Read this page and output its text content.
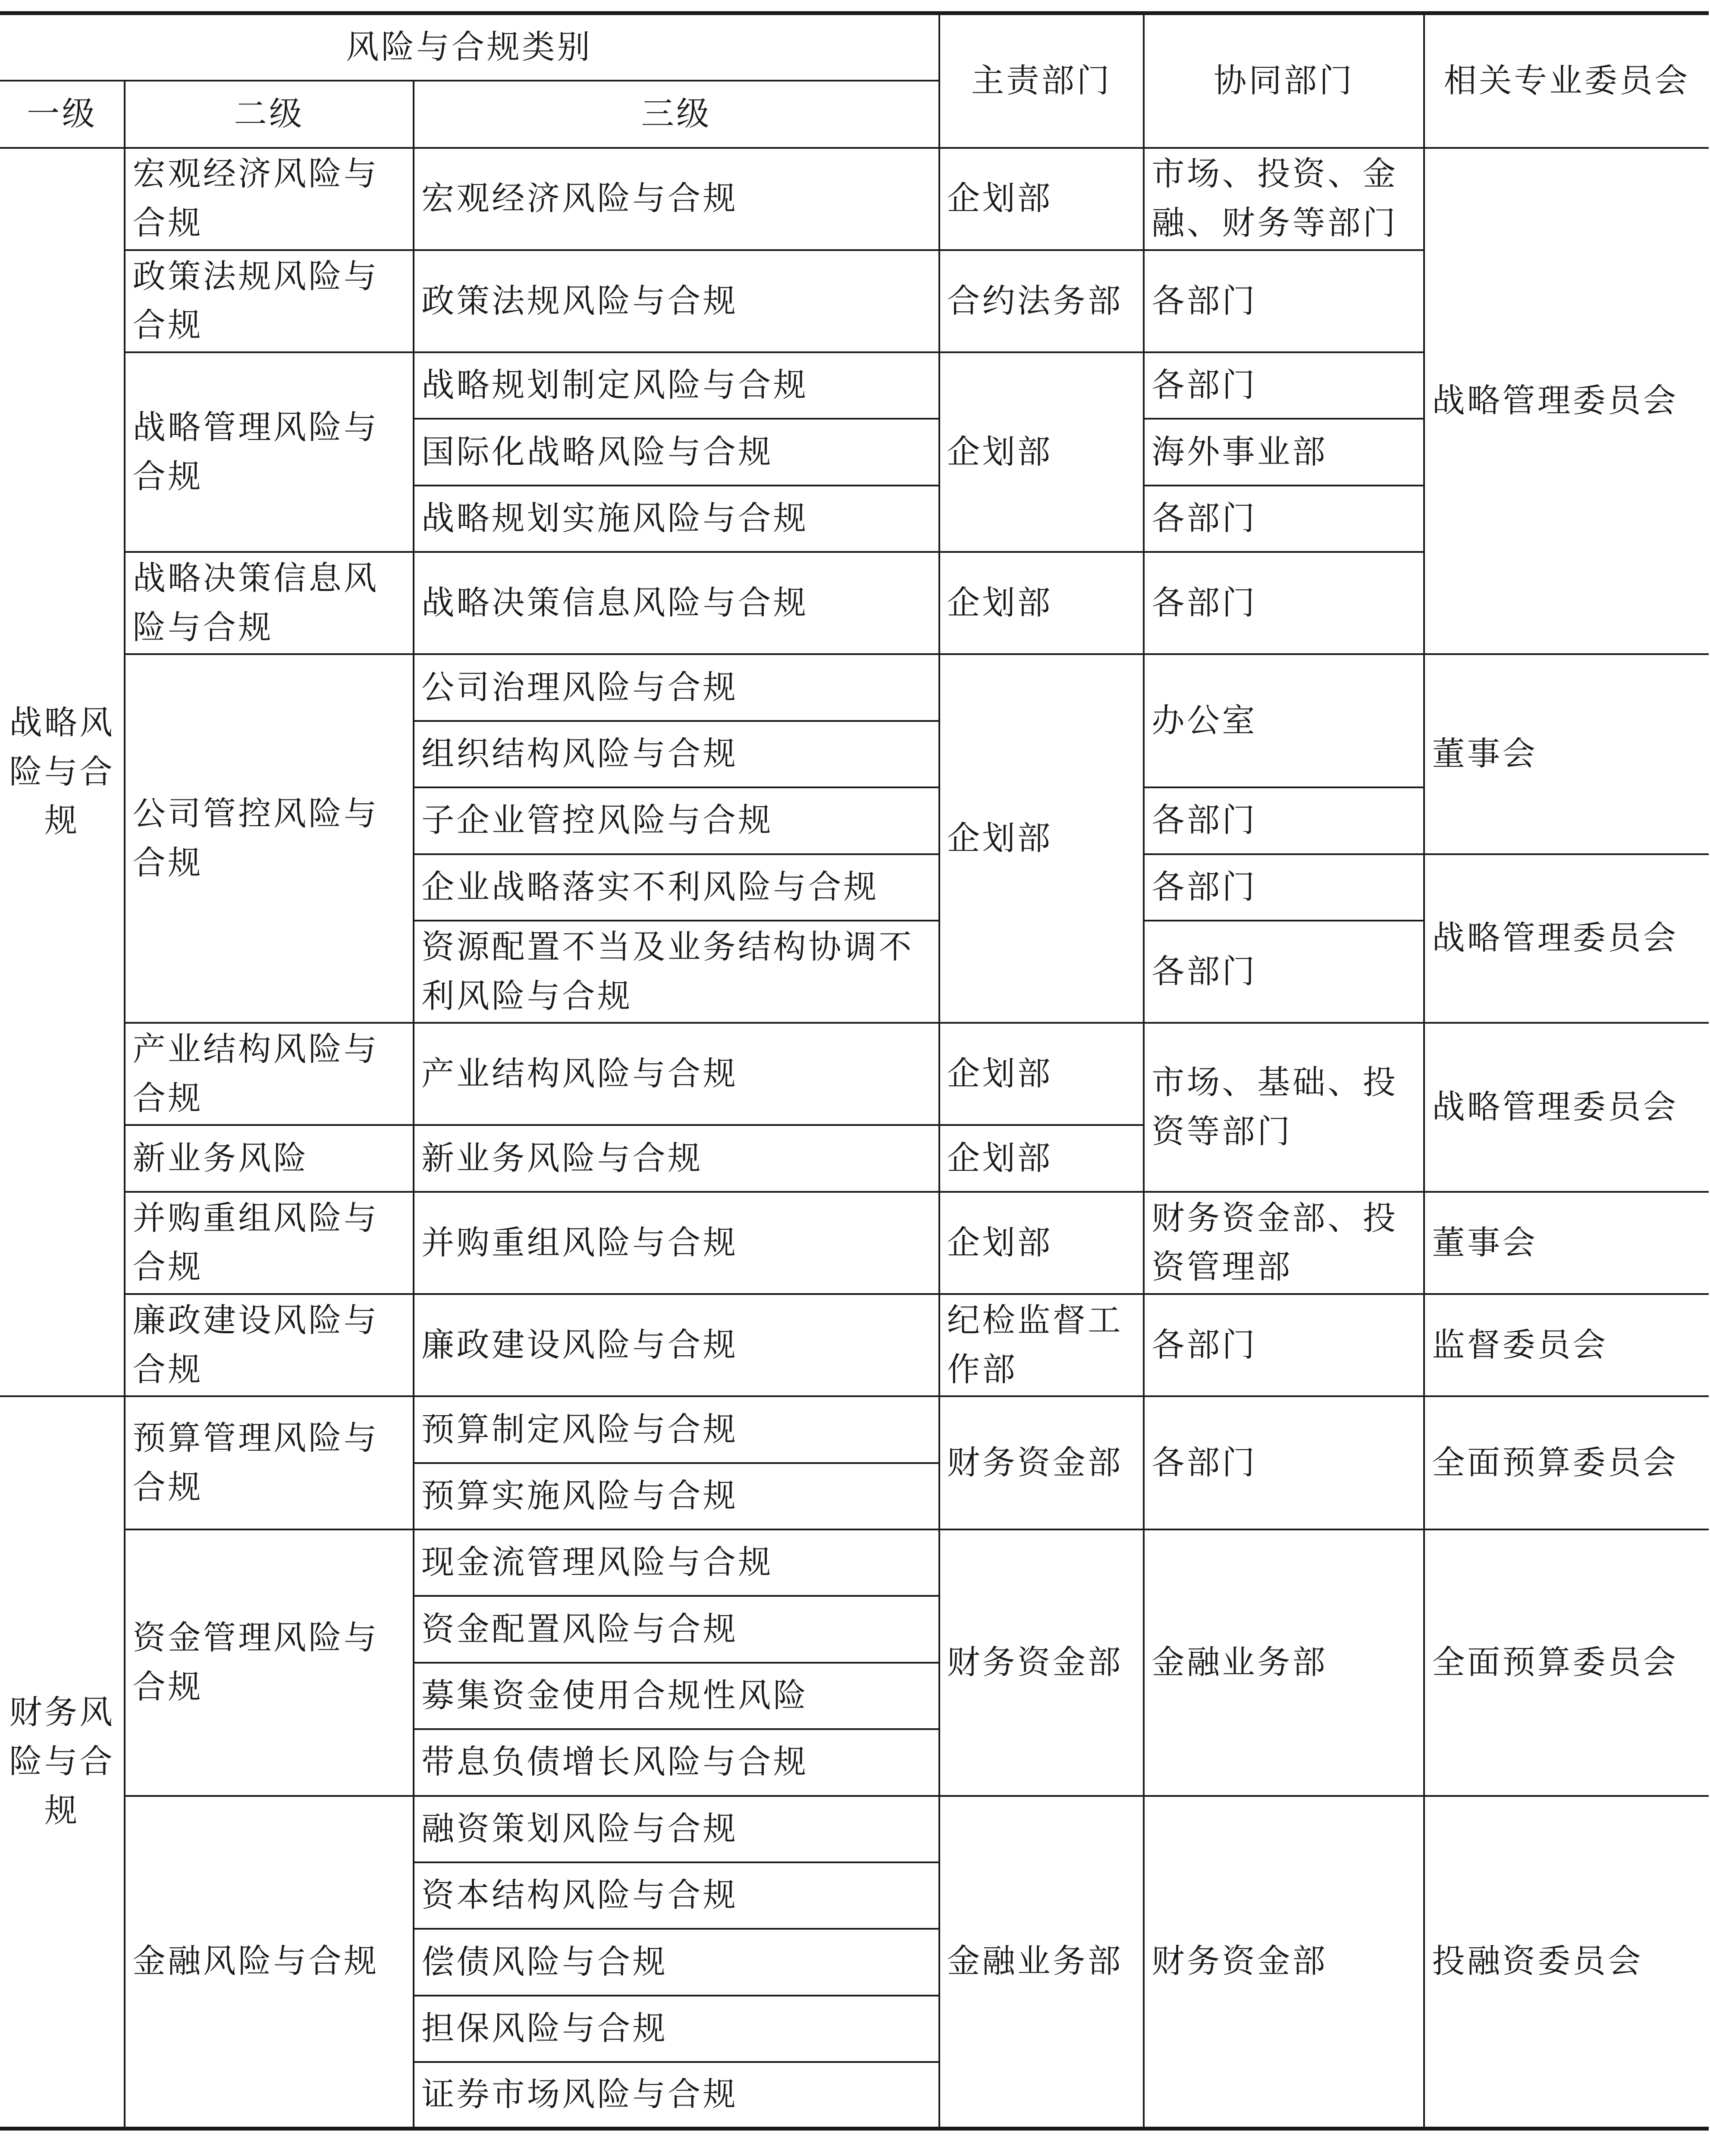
风险与合规类别			主责部门	协同部门	相关专业委员会
一级	二级	三级			
战略风险与合规	宏观经济风险与合规	宏观经济风险与合规	企划部	市场、投资、金融、财务等部门	战略管理委员会
	政策法规风险与合规	政策法规风险与合规	合约法务部	各部门	
	战略管理风险与合规	战略规划制定风险与合规	企划部	各部门	
		国际化战略风险与合规		海外事业部	
		战略规划实施风险与合规		各部门	
	战略决策信息风险与合规	战略决策信息风险与合规	企划部	各部门	
	公司管控风险与合规	公司治理风险与合规	企划部	办公室	董事会
		组织结构风险与合规			
		子企业管控风险与合规		各部门	
		企业战略落实不利风险与合规		各部门	战略管理委员会
		资源配置不当及业务结构协调不利风险与合规		各部门	
	产业结构风险与合规	产业结构风险与合规	企划部	市场、基础、投资等部门	战略管理委员会
	新业务风险	新业务风险与合规	企划部		
	并购重组风险与合规	并购重组风险与合规	企划部	财务资金部、投资管理部	董事会
	廉政建设风险与合规	廉政建设风险与合规	纪检监督工作部	各部门	监督委员会
财务风险与合规	预算管理风险与合规	预算制定风险与合规	财务资金部	各部门	全面预算委员会
		预算实施风险与合规			
	资金管理风险与合规	现金流管理风险与合规	财务资金部	金融业务部	全面预算委员会
		资金配置风险与合规			
		募集资金使用合规性风险			
		带息负债增长风险与合规			
	金融风险与合规	融资策划风险与合规	金融业务部	财务资金部	投融资委员会
		资本结构风险与合规			
		偿债风险与合规			
		担保风险与合规			
		证券市场风险与合规			
